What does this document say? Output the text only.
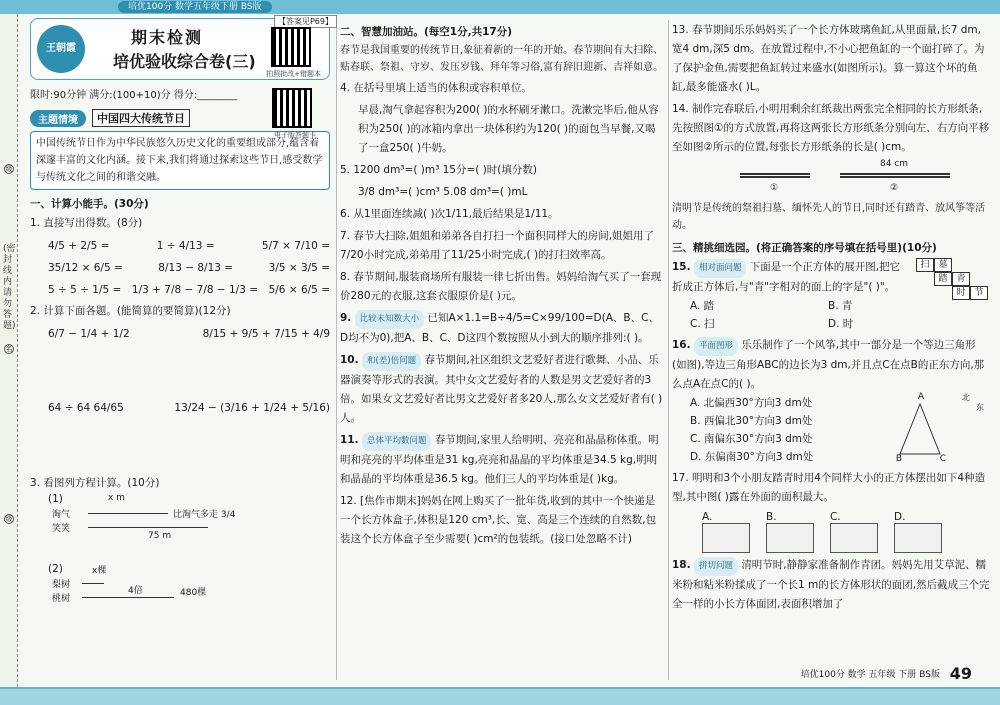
培优100分 数学五年级下册 BS版
(密封线内请勿答题)
级
名
级
王朝霞
期末检测
培优验收综合卷(三)
【答案见P69】
拍照批改+错题本
电子版答题卡
限时:90分钟 满分:(100+10)分 得分:________
主题情境	中国四大传统节日
中国传统节日作为中华民族悠久历史文化的重要组成部分,蕴含着深邃丰富的文化内涵。接下来,我们将通过探索这些节日,感受数学与传统文化之间的和谐交融。
一、计算小能手。(30分)
1. 直接写出得数。(8分)
4/5 + 2/5 =	1 ÷ 4/13 =	5/7 × 7/10 =
35/12 × 6/5 =	8/13 − 8/13 =	3/5 × 3/5 =
5 ÷ 5 ÷ 1/5 = 1/3 + 7/8 − 7/8 − 1/3 = 5/6 × 6/5 =
2. 计算下面各题。(能简算的要简算)(12分)
6/7 − 1/4 + 1/2	8/15 + 9/5 + 7/15 + 4/9
64 ÷ 64 64/65	13/24 − (3/16 + 1/24 + 5/16)
3. 看图列方程计算。(10分)
(1)	x m
淘气
笑笑
比淘气多走 3/4
75 m
(2)	x棵
梨树
桃树
4倍	480棵
二、智慧加油站。(每空1分,共17分)
春节是我国重要的传统节日,象征着新的一年的开始。春节期间有大扫除、贴春联、祭祖、守岁、发压岁钱、拜年等习俗,富有辞旧迎新、吉祥如意。
4. 在括号里填上适当的体积或容积单位。
早晨,淘气拿起容积为200( )的水杯刷牙漱口。洗漱完毕后,他从容积为250( )的冰箱内拿出一块体积约为120( )的面包当早餐,又喝了一盒250( )牛奶。
5. 1200 dm³=( )m³ 15分=( )时(填分数)
3/8 dm³=( )cm³ 5.08 dm³=( )mL
6. 从1里面连续减( )次1/11,最后结果是1/11。
7. 春节大扫除,姐姐和弟弟各自打扫一个面积同样大的房间,姐姐用了7/20小时完成,弟弟用了11/25小时完成,( )的打扫效率高。
8. 春节期间,服装商场所有服装一律七折出售。妈妈给淘气买了一套现价280元的衣服,这套衣服原价是( )元。
9. 比较未知数大小 已知A×1.1=B÷4/5=C×99/100=D(A、B、C、D均不为0),把A、B、C、D这四个数按照从小到大的顺序排列:( )。
10. 和(差)倍问题 春节期间,社区组织文艺爱好者进行歌舞、小品、乐器演奏等形式的表演。其中女文艺爱好者的人数是男文艺爱好者的3倍。如果女文艺爱好者比男文艺爱好者多20人,那么女文艺爱好者有( )人。
11. 总体平均数问题 春节期间,家里人给明明、亮亮和晶晶称体重。明明和亮亮的平均体重是31 kg,亮亮和晶晶的平均体重是34.5 kg,明明和晶晶的平均体重是36.5 kg。他们三人的平均体重是( )kg。
12. [焦作市期末]妈妈在网上购买了一批年货,收到的其中一个快递是一个长方体盒子,体积是120 cm³,长、宽、高是三个连续的自然数,包装这个长方体盒子至少需要( )cm²的包装纸。(接口处忽略不计)
13. 春节期间乐乐妈妈买了一个长方体玻璃鱼缸,从里面量,长7 dm,宽4 dm,深5 dm。在放置过程中,不小心把鱼缸的一个面打碎了。为了保护金鱼,需要把鱼缸转过来盛水(如图所示)。算一算这个坏的鱼缸,最多能盛水( )L。
14. 制作完春联后,小明用剩余红纸裁出两张完全相同的长方形纸条,先按照图①的方式放置,再将这两张长方形纸条分别向左、右方向平移至如图②所示的位置,每张长方形纸条的长是( )cm。
①
84 cm
②
清明节是传统的祭祖扫墓、缅怀先人的节日,同时还有踏青、放风筝等活动。
三、精挑细选园。(将正确答案的序号填在括号里)(10分)
15. 相对面问题 下面是一个正方体的展开图,把它折成正方体后,与"青"字相对的面上的字是"( )"。
扫 墓
踏 青
时 节
A. 踏	B. 青
C. 扫	D. 时
16. 平面图形 乐乐制作了一个风筝,其中一部分是一个等边三角形(如图),等边三角形ABC的边长为3 dm,并且点C在点B的正东方向,那么点A在点C的( )。
A. 北偏西30°方向3 dm处
B. 西偏北30°方向3 dm处
C. 南偏东30°方向3 dm处
D. 东偏南30°方向3 dm处
A
B	C
北
东
17. 明明和3个小朋友踏青时用4个同样大小的正方体摆出如下4种造型,其中图( )露在外面的面积最大。
A.	B.	C.	D.
18. 拼切问题 清明节时,静静家准备制作青团。妈妈先用艾草泥、糯米粉和粘米粉揉成了一个长1 m的长方体形状的面团,然后截成三个完全一样的小长方体面团,表面积增加了
培优100分 数学 五年级 下册 BS版 49
